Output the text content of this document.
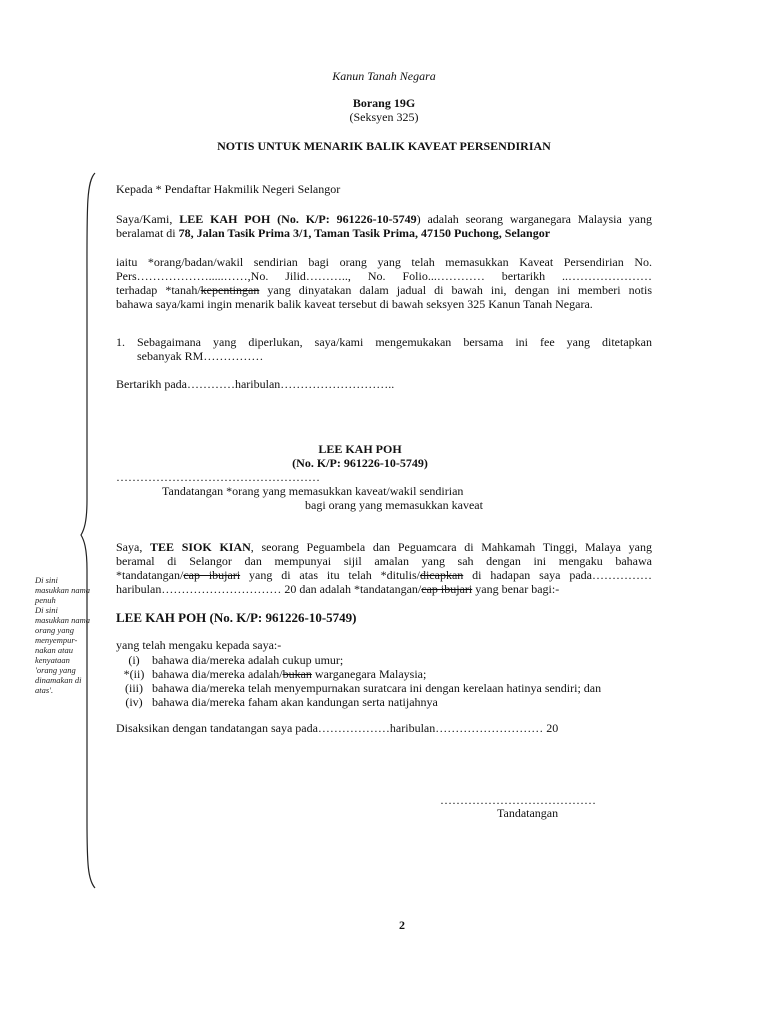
Kanun Tanah Negara
Borang 19G
(Seksyen 325)
NOTIS UNTUK MENARIK BALIK KAVEAT PERSENDIRIAN
Kepada * Pendaftar Hakmilik Negeri Selangor
Saya/Kami, LEE KAH POH (No. K/P: 961226-10-5749) adalah seorang warganegara Malaysia yang
beralamat di 78, Jalan Tasik Prima 3/1, Taman Tasik Prima, 47150 Puchong, Selangor
iaitu *orang/badan/wakil sendirian bagi orang yang telah memasukkan Kaveat Persendirian No.
Pers……………….....……,No. Jilid……….., No. Folio...………… bertarikh ..…………………
terhadap *tanah/kepentingan yang dinyatakan dalam jadual di bawah ini, dengan ini memberi notis
bahawa saya/kami ingin menarik balik kaveat tersebut di bawah seksyen 325 Kanun Tanah Negara.
1. Sebagaimana yang diperlukan, saya/kami mengemukakan bersama ini fee yang ditetapkan
sebanyak RM……………
Bertarikh pada…………haribulan………………………..
LEE KAH POH
(No. K/P: 961226-10-5749)
……………………………………………
Tandatangan *orang yang memasukkan kaveat/wakil sendirian
bagi orang yang memasukkan kaveat
Di sini masukkan nama penuh
Di sini masukkan nama orang yang menyempur-nakan atau kenyataan 'orang yang dinamakan di atas'.
Saya, TEE SIOK KIAN, seorang Peguambela dan Peguamcara di Mahkamah Tinggi, Malaya yang
beramal di Selangor dan mempunyai sijil amalan yang sah dengan ini mengaku bahawa
*tandatangan/cap ibujari yang di atas itu telah *ditulis/dicapkan di hadapan saya pada……………
haribulan………………………… 20 dan adalah *tandatangan/cap ibujari yang benar bagi:-
LEE KAH POH (No. K/P: 961226-10-5749)
yang telah mengaku kepada saya:-
(i) bahawa dia/mereka adalah cukup umur;
*(ii) bahawa dia/mereka adalah/bukan warganegara Malaysia;
(iii) bahawa dia/mereka telah menyempurnakan suratcara ini dengan kerelaan hatinya sendiri; dan
(iv) bahawa dia/mereka faham akan kandungan serta natijahnya
Disaksikan dengan tandatangan saya pada………………haribulan……………………… 20
…………………………………
Tandatangan
2
